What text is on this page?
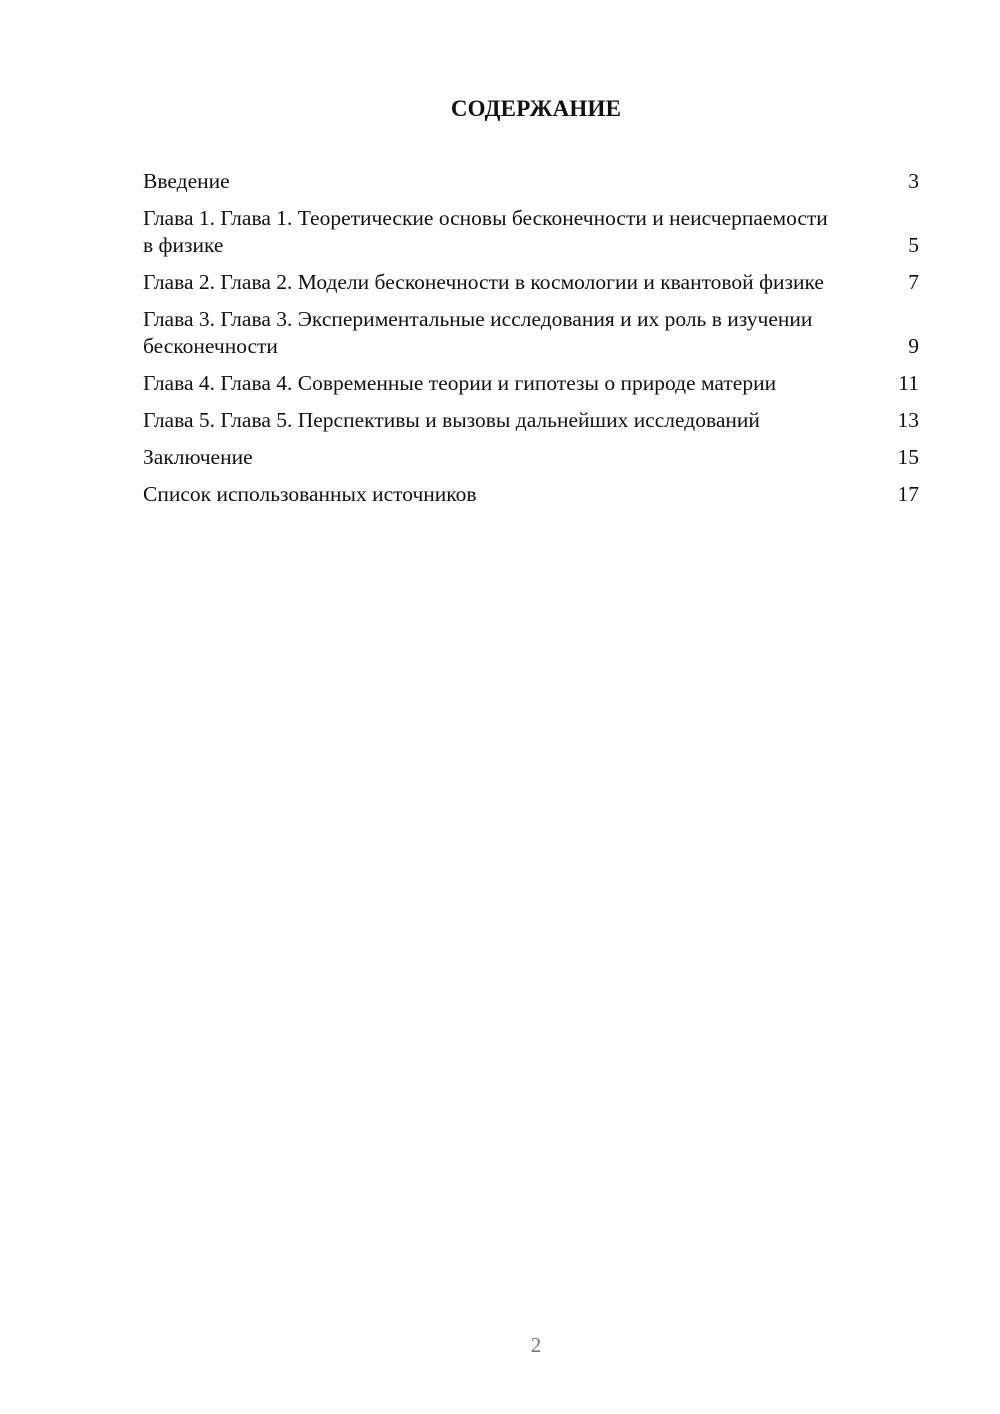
СОДЕРЖАНИЕ
Введение	3
Глава 1. Глава 1. Теоретические основы бесконечности и неисчерпаемости в физике	5
Глава 2. Глава 2. Модели бесконечности в космологии и квантовой физике	7
Глава 3. Глава 3. Экспериментальные исследования и их роль в изучении бесконечности	9
Глава 4. Глава 4. Современные теории и гипотезы о природе материи	11
Глава 5. Глава 5. Перспективы и вызовы дальнейших исследований	13
Заключение	15
Список использованных источников	17
2
